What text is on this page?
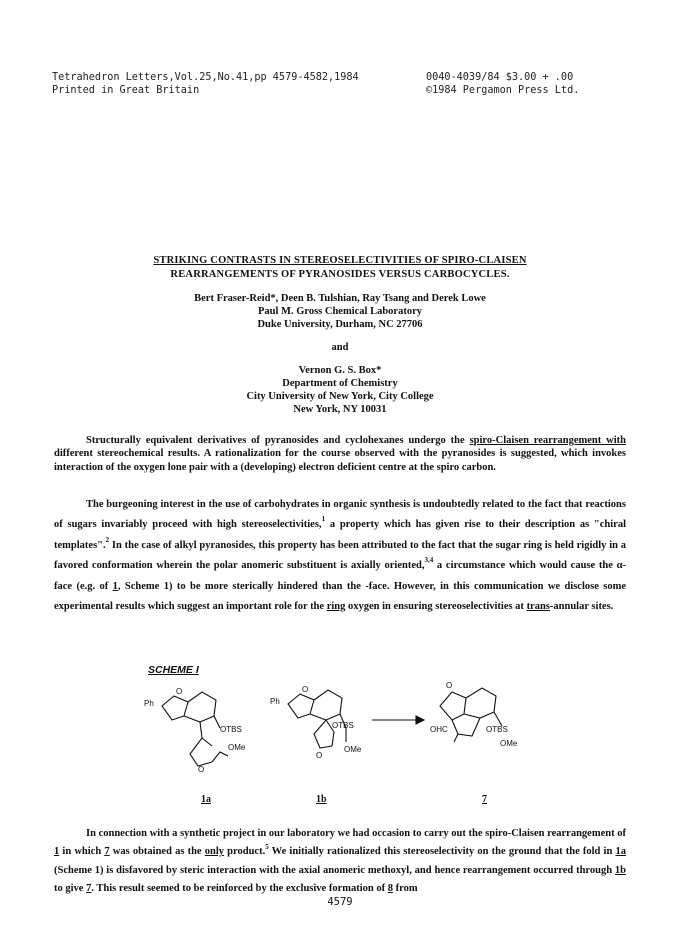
Tetrahedron Letters,Vol.25,No.41,pp 4579-4582,1984	0040-4039/84 $3.00 + .00
Printed in Great Britain	©1984 Pergamon Press Ltd.
STRIKING CONTRASTS IN STEREOSELECTIVITIES OF SPIRO-CLAISEN
REARRANGEMENTS OF PYRANOSIDES VERSUS CARBOCYCLES.
Bert Fraser-Reid*, Deen B. Tulshian, Ray Tsang and Derek Lowe
Paul M. Gross Chemical Laboratory
Duke University, Durham, NC 27706
and
Vernon G. S. Box*
Department of Chemistry
City University of New York, City College
New York, NY 10031
Structurally equivalent derivatives of pyranosides and cyclohexanes undergo the spiro-Claisen rearrangement with different stereochemical results. A rationalization for the course observed with the pyranosides is suggested, which invokes interaction of the oxygen lone pair with a (developing) electron deficient centre at the spiro carbon.
The burgeoning interest in the use of carbohydrates in organic synthesis is undoubtedly related to the fact that reactions of sugars invariably proceed with high stereoselectivities,$^1$ a property which has given rise to their description as "chiral templates".$^2$ In the case of alkyl pyranosides, this property has been attributed to the fact that the sugar ring is held rigidly in a favored conformation wherein the polar anomeric substituent is axially oriented,$^{3,4}$ a circumstance which would cause the α-face (e.g. of 1, Scheme 1) to be more sterically hindered than the -face. However, in this communication we disclose some experimental results which suggest an important role for the ring oxygen in ensuring stereoselectivities at trans-annular sites.
SCHEME I
Ph
O
OTBS
OMe
O
Ph
O
OTBS
OMe
O
O
OHC	OTBS
OMe
1a	1b	7
In connection with a synthetic project in our laboratory we had occasion to carry out the spiro-Claisen rearrangement of 1 in which 7 was obtained as the only product.$^5$ We initially rationalized this stereoselectivity on the ground that the fold in 1a (Scheme 1) is disfavored by steric interaction with the axial anomeric methoxyl, and hence rearrangement occurred through 1b to give 7. This result seemed to be reinforced by the exclusive formation of 8 from
4579
